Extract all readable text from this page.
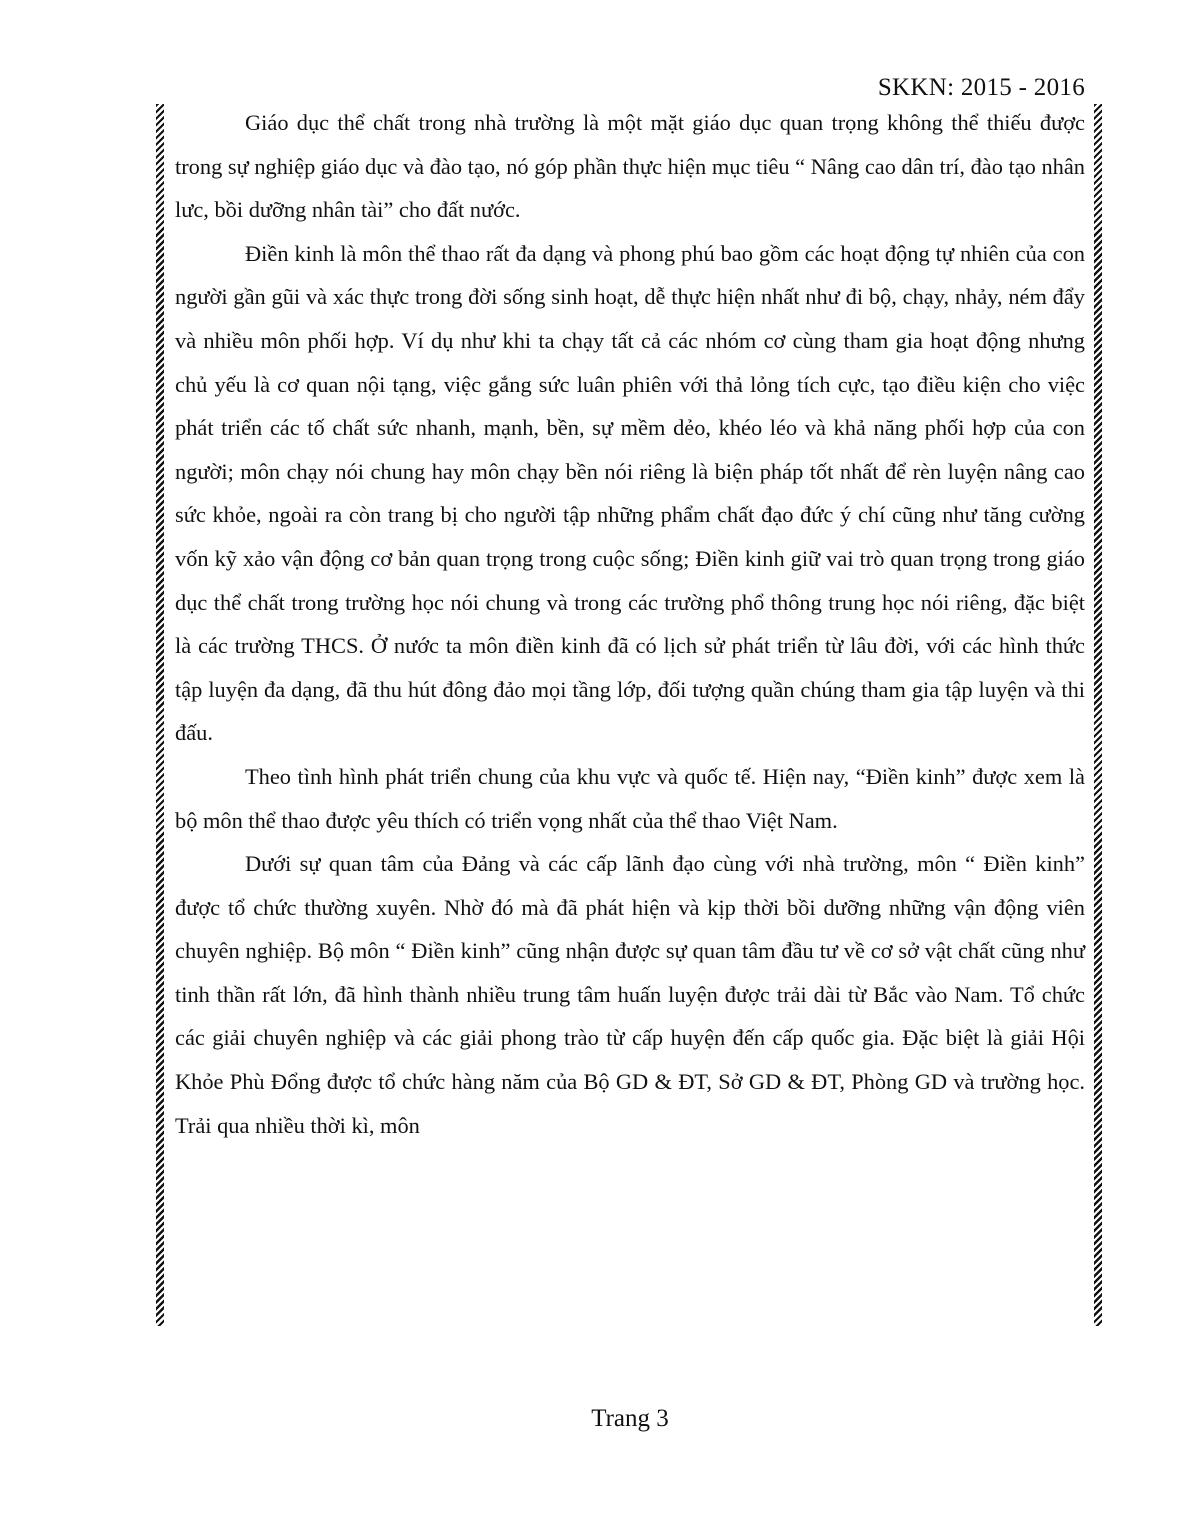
SKKN: 2015 - 2016

Giáo dục thể chất trong nhà trường là một mặt giáo dục quan trọng không thể thiếu được trong sự nghiệp giáo dục và đào tạo, nó góp phần thực hiện mục tiêu “ Nâng cao dân trí, đào tạo nhân lưc, bồi dưỡng nhân tài” cho đất nước.

Điền kinh là môn thể thao rất đa dạng và phong phú bao gồm các hoạt động tự nhiên của con người gần gũi và xác thực trong đời sống sinh hoạt, dễ thực hiện nhất như đi bộ, chạy, nhảy, ném đẩy và nhiều môn phối hợp. Ví dụ như khi ta chạy tất cả các nhóm cơ cùng tham gia hoạt động nhưng chủ yếu là cơ quan nội tạng, việc gắng sức luân phiên với thả lỏng tích cực, tạo điều kiện cho việc phát triển các tố chất sức nhanh, mạnh, bền, sự mềm dẻo, khéo léo và khả năng phối hợp của con người; môn chạy nói chung hay môn chạy bền nói riêng là biện pháp tốt nhất để rèn luyện nâng cao sức khỏe, ngoài ra còn trang bị cho người tập những phẩm chất đạo đức ý chí cũng như tăng cường vốn kỹ xảo vận động cơ bản quan trọng trong cuộc sống; Điền kinh giữ vai trò quan trọng trong giáo dục thể chất trong trường học nói chung và trong các trường phổ thông trung học nói riêng, đặc biệt là các trường THCS. Ở nước ta môn điền kinh đã có lịch sử phát triển từ lâu đời, với các hình thức tập luyện đa dạng, đã thu hút đông đảo mọi tầng lớp, đối tượng quần chúng tham gia tập luyện và thi đấu.

Theo tình hình phát triển chung của khu vực và quốc tế. Hiện nay, “Điền kinh” được xem là bộ môn thể thao được yêu thích có triển vọng nhất của thể thao Việt Nam.

Dưới sự quan tâm của Đảng và các cấp lãnh đạo cùng với nhà trường, môn “ Điền kinh” được tổ chức thường xuyên. Nhờ đó mà đã phát hiện và kịp thời bồi dưỡng những vận động viên chuyên nghiệp. Bộ môn “ Điền kinh” cũng nhận được sự quan tâm đầu tư về cơ sở vật chất cũng như tinh thần rất lớn, đã hình thành nhiều trung tâm huấn luyện được trải dài từ Bắc vào Nam. Tổ chức các giải chuyên nghiệp và các giải phong trào từ cấp huyện đến cấp quốc gia. Đặc biệt là giải Hội Khỏe Phù Đổng được tổ chức hàng năm của Bộ GD & ĐT, Sở GD & ĐT, Phòng GD và trường học. Trải qua nhiều thời kì, môn

Trang 3
